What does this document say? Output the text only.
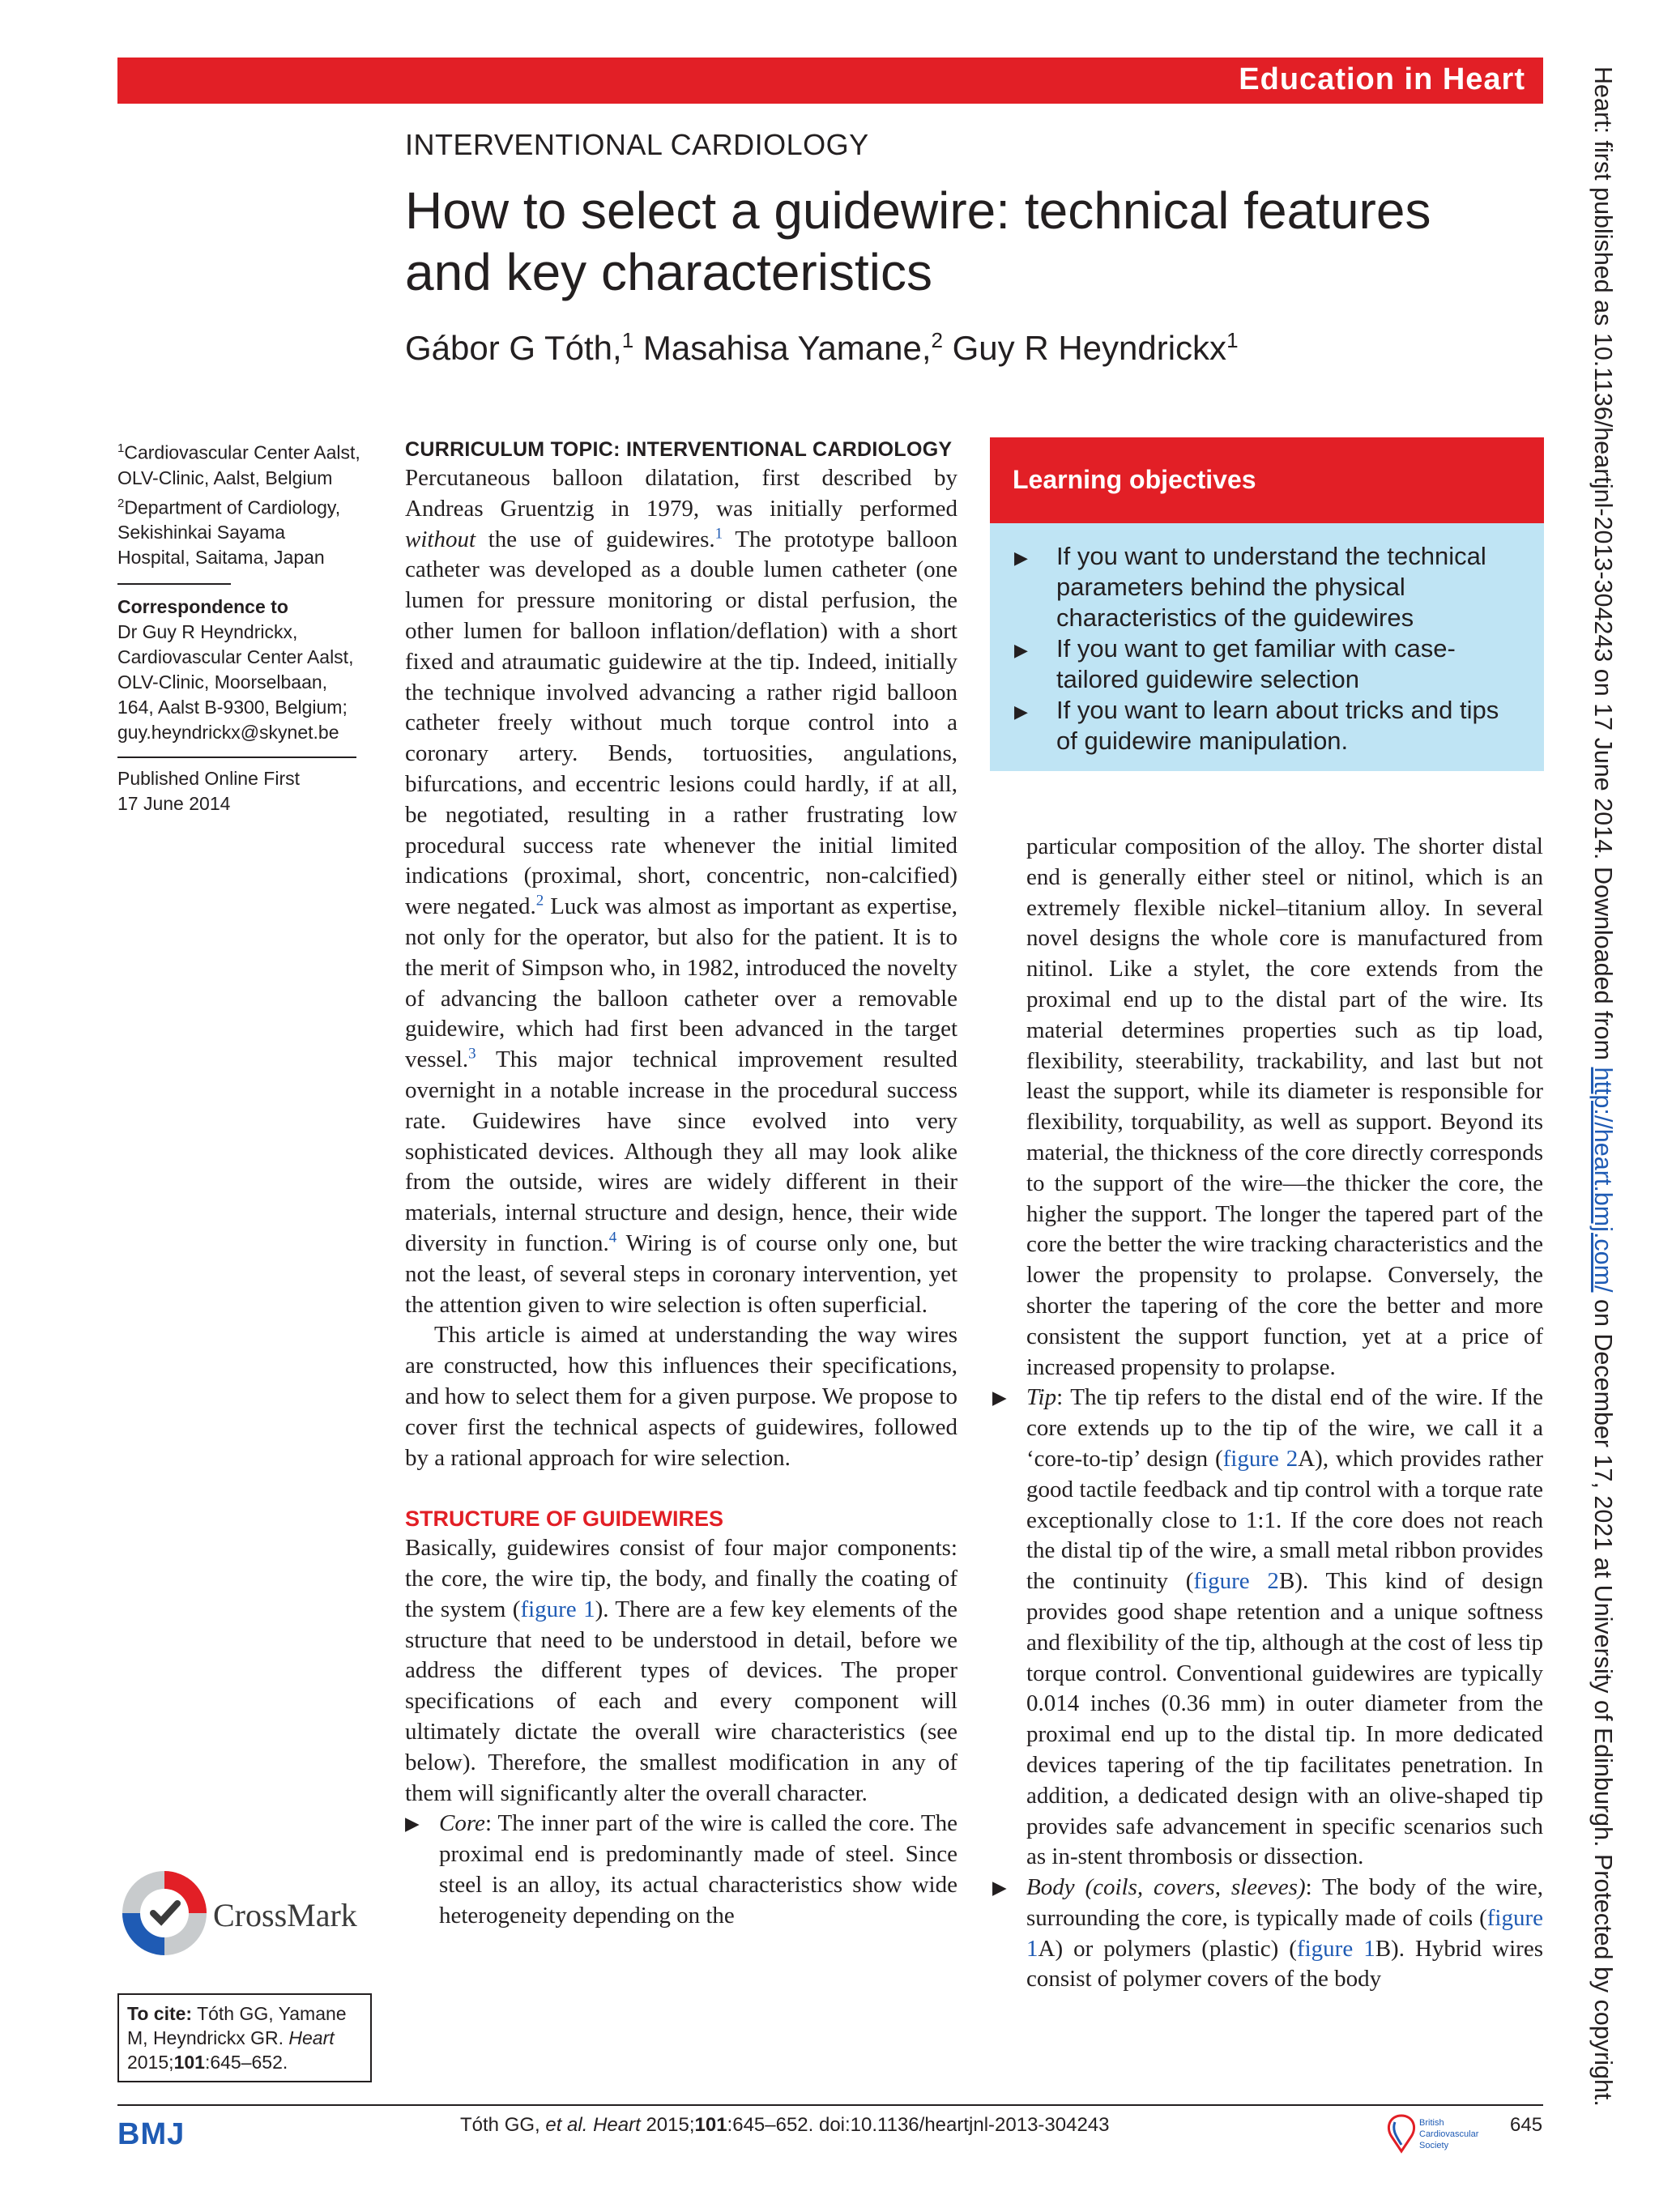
Education in Heart
INTERVENTIONAL CARDIOLOGY
How to select a guidewire: technical features
and key characteristics
Gábor G Tóth,$^1$ Masahisa Yamane,$^2$ Guy R Heyndrickx$^1$
$^1$Cardiovascular Center Aalst, OLV-Clinic, Aalst, Belgium
$^2$Department of Cardiology, Sekishinkai Sayama Hospital, Saitama, Japan
Correspondence to
Dr Guy R Heyndrickx, Cardiovascular Center Aalst, OLV-Clinic, Moorselbaan, 164, Aalst B-9300, Belgium; guy.heyndrickx@skynet.be
Published Online First
17 June 2014
CrossMark
To cite: Tóth GG, Yamane M, Heyndrickx GR. Heart 2015;101:645–652.
CURRICULUM TOPIC: INTERVENTIONAL CARDIOLOGY

Percutaneous balloon dilatation, first described by Andreas Gruentzig in 1979, was initially performed without the use of guidewires.$^1$ The prototype balloon catheter was developed as a double lumen catheter (one lumen for pressure monitoring or distal perfusion, the other lumen for balloon inflation/deflation) with a short fixed and atraumatic guidewire at the tip. Indeed, initially the technique involved advancing a rather rigid balloon catheter freely without much torque control into a coronary artery. Bends, tortuosities, angulations, bifurcations, and eccentric lesions could hardly, if at all, be negotiated, resulting in a rather frustrating low procedural success rate whenever the initial limited indications (proximal, short, concentric, non-calcified) were negated.$^2$ Luck was almost as important as expertise, not only for the operator, but also for the patient. It is to the merit of Simpson who, in 1982, introduced the novelty of advancing the balloon catheter over a removable guidewire, which had first been advanced in the target vessel.$^3$ This major technical improvement resulted overnight in a notable increase in the procedural success rate. Guidewires have since evolved into very sophisticated devices. Although they all may look alike from the outside, wires are widely different in their materials, internal structure and design, hence, their wide diversity in function.$^4$ Wiring is of course only one, but not the least, of several steps in coronary intervention, yet the attention given to wire selection is often superficial.

This article is aimed at understanding the way wires are constructed, how this influences their specifications, and how to select them for a given purpose. We propose to cover first the technical aspects of guidewires, followed by a rational approach for wire selection.

STRUCTURE OF GUIDEWIRES

Basically, guidewires consist of four major components: the core, the wire tip, the body, and finally the coating of the system (figure 1). There are a few key elements of the structure that need to be understood in detail, before we address the different types of devices. The proper specifications of each and every component will ultimately dictate the overall wire characteristics (see below). Therefore, the smallest modification in any of them will significantly alter the overall character.

▶ Core: The inner part of the wire is called the core. The proximal end is predominantly made of steel. Since steel is an alloy, its actual characteristics show wide heterogeneity depending on the

Learning objectives

▶ If you want to understand the technical parameters behind the physical characteristics of the guidewires

▶ If you want to get familiar with case-tailored guidewire selection

▶ If you want to learn about tricks and tips of guidewire manipulation.

particular composition of the alloy. The shorter distal end is generally either steel or nitinol, which is an extremely flexible nickel–titanium alloy. In several novel designs the whole core is manufactured from nitinol. Like a stylet, the core extends from the proximal end up to the distal part of the wire. Its material determines properties such as tip load, flexibility, steerability, trackability, and last but not least the support, while its diameter is responsible for flexibility, torquability, as well as support. Beyond its material, the thickness of the core directly corresponds to the support of the wire—the thicker the core, the higher the support. The longer the tapered part of the core the better the wire tracking characteristics and the lower the propensity to prolapse. Conversely, the shorter the tapering of the core the better and more consistent the support function, yet at a price of increased propensity to prolapse.

▶ Tip: The tip refers to the distal end of the wire. If the core extends up to the tip of the wire, we call it a ‘core-to-tip’ design (figure 2A), which provides rather good tactile feedback and tip control with a torque rate exceptionally close to 1:1. If the core does not reach the distal tip of the wire, a small metal ribbon provides the continuity (figure 2B). This kind of design provides good shape retention and a unique softness and flexibility of the tip, although at the cost of less tip torque control. Conventional guidewires are typically 0.014 inches (0.36 mm) in outer diameter from the proximal end up to the distal tip. In more dedicated devices tapering of the tip facilitates penetration. In addition, a dedicated design with an olive-shaped tip provides safe advancement in specific scenarios such as in-stent thrombosis or dissection.

▶ Body (coils, covers, sleeves): The body of the wire, surrounding the core, is typically made of coils (figure 1A) or polymers (plastic) (figure 1B). Hybrid wires consist of polymer covers of the body

BMJ	Tóth GG, et al. Heart 2015;101:645–652. doi:10.1136/heartjnl-2013-304243	British
Cardiovascular
Society
645
Heart: first published as 10.1136/heartjnl-2013-304243 on 17 June 2014. Downloaded from http://heart.bmj.com/ on December 17, 2021 at University of Edinburgh. Protected by copyright.
